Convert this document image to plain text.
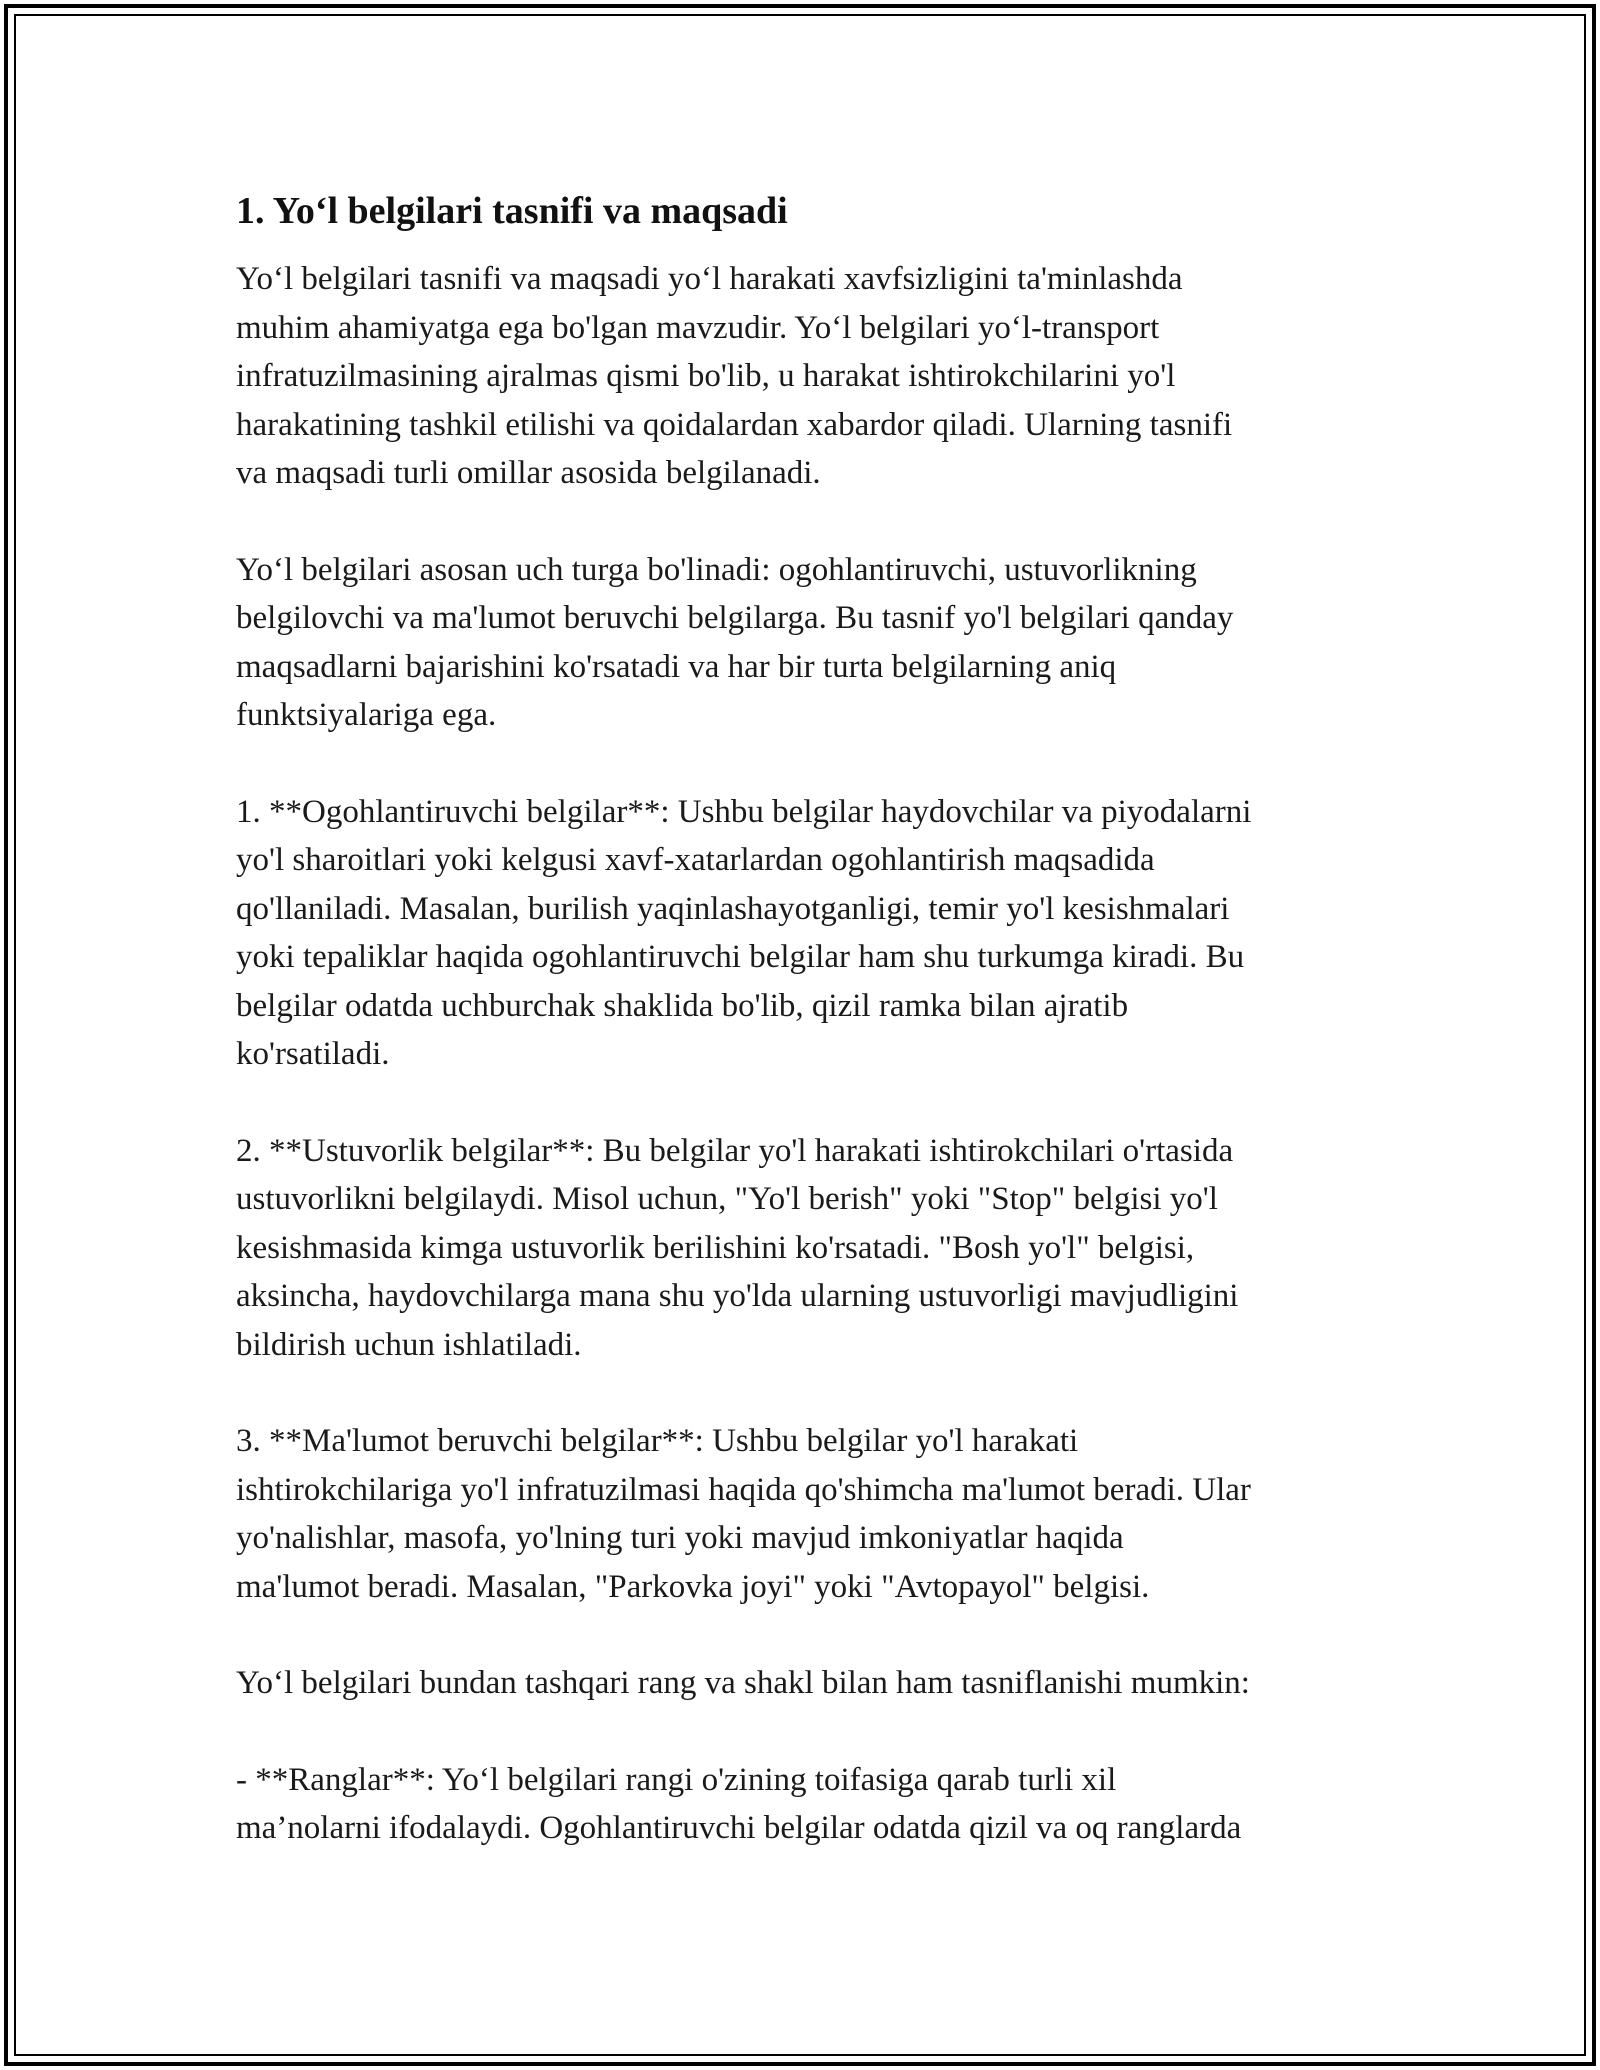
1. Yo‘l belgilari tasnifi va maqsadi

Yo‘l belgilari tasnifi va maqsadi yo‘l harakati xavfsizligini ta'minlashda
muhim ahamiyatga ega bo'lgan mavzudir. Yo‘l belgilari yo‘l-transport
infratuzilmasining ajralmas qismi bo'lib, u harakat ishtirokchilarini yo'l
harakatining tashkil etilishi va qoidalardan xabardor qiladi. Ularning tasnifi
va maqsadi turli omillar asosida belgilanadi.

Yo‘l belgilari asosan uch turga bo'linadi: ogohlantiruvchi, ustuvorlikning
belgilovchi va ma'lumot beruvchi belgilarga. Bu tasnif yo'l belgilari qanday
maqsadlarni bajarishini ko'rsatadi va har bir turta belgilarning aniq
funktsiyalariga ega.

1. **Ogohlantiruvchi belgilar**: Ushbu belgilar haydovchilar va piyodalarni
yo'l sharoitlari yoki kelgusi xavf-xatarlardan ogohlantirish maqsadida
qo'llaniladi. Masalan, burilish yaqinlashayotganligi, temir yo'l kesishmalari
yoki tepaliklar haqida ogohlantiruvchi belgilar ham shu turkumga kiradi. Bu
belgilar odatda uchburchak shaklida bo'lib, qizil ramka bilan ajratib
ko'rsatiladi.

2. **Ustuvorlik belgilar**: Bu belgilar yo'l harakati ishtirokchilari o'rtasida
ustuvorlikni belgilaydi. Misol uchun, "Yo'l berish" yoki "Stop" belgisi yo'l
kesishmasida kimga ustuvorlik berilishini ko'rsatadi. "Bosh yo'l" belgisi,
aksincha, haydovchilarga mana shu yo'lda ularning ustuvorligi mavjudligini
bildirish uchun ishlatiladi.

3. **Ma'lumot beruvchi belgilar**: Ushbu belgilar yo'l harakati
ishtirokchilariga yo'l infratuzilmasi haqida qo'shimcha ma'lumot beradi. Ular
yo'nalishlar, masofa, yo'lning turi yoki mavjud imkoniyatlar haqida
ma'lumot beradi. Masalan, "Parkovka joyi" yoki "Avtopayol" belgisi.

Yo‘l belgilari bundan tashqari rang va shakl bilan ham tasniflanishi mumkin:

- **Ranglar**: Yo‘l belgilari rangi o'zining toifasiga qarab turli xil
ma’nolarni ifodalaydi. Ogohlantiruvchi belgilar odatda qizil va oq ranglarda
